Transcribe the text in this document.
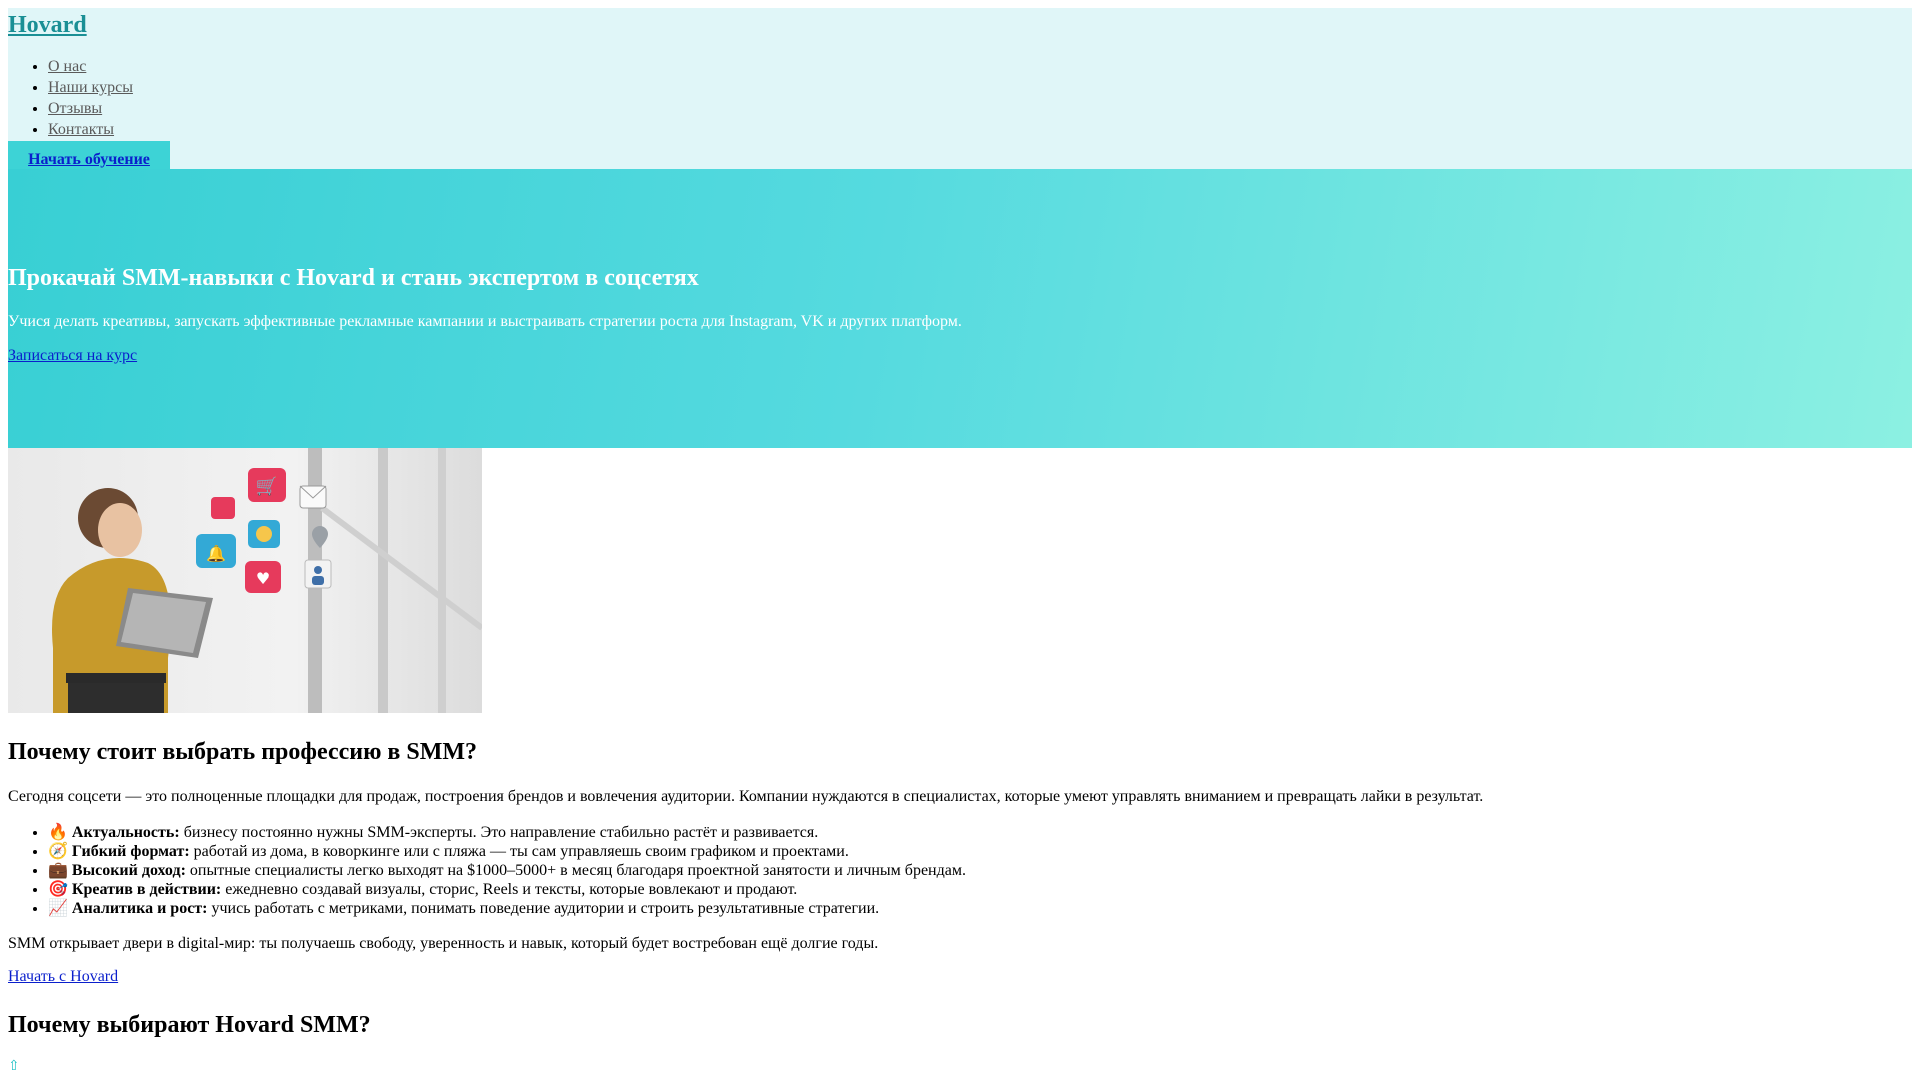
Hovard
• О нас
• Наши курсы
• Отзывы
• Контакты
Начать обучение
Прокачай SMM-навыки с Hovard и стань экспертом в соцсетях

Учися делать креативы, запускать эффективные рекламные кампании и выстраивать стратегии роста для Instagram, VK и других платформ.

Записаться на курс
🛒
🔔
♥
Почему стоит выбрать профессию в SMM?

Сегодня соцсети — это полноценные площадки для продаж, построения брендов и вовлечения аудитории. Компании нуждаются в специалистах, которые умеют управлять вниманием и превращать лайки в результат.

• 🔥 Актуальность: бизнесу постоянно нужны SMM-эксперты. Это направление стабильно растёт и развивается.
• 🧭 Гибкий формат: работай из дома, в коворкинге или с пляжа — ты сам управляешь своим графиком и проектами.
• 💼 Высокий доход: опытные специалисты легко выходят на $1000–5000+ в месяц благодаря проектной занятости и личным брендам.
• 🎯 Креатив в действии: ежедневно создавай визуалы, сторис, Reels и тексты, которые вовлекают и продают.
• 📈 Аналитика и рост: учись работать с метриками, понимать поведение аудитории и строить результативные стратегии.

SMM открывает двери в digital-мир: ты получаешь свободу, уверенность и навык, который будет востребован ещё долгие годы.

Начать с Hovard
Почему выбирают Hovard SMM?
⇧
